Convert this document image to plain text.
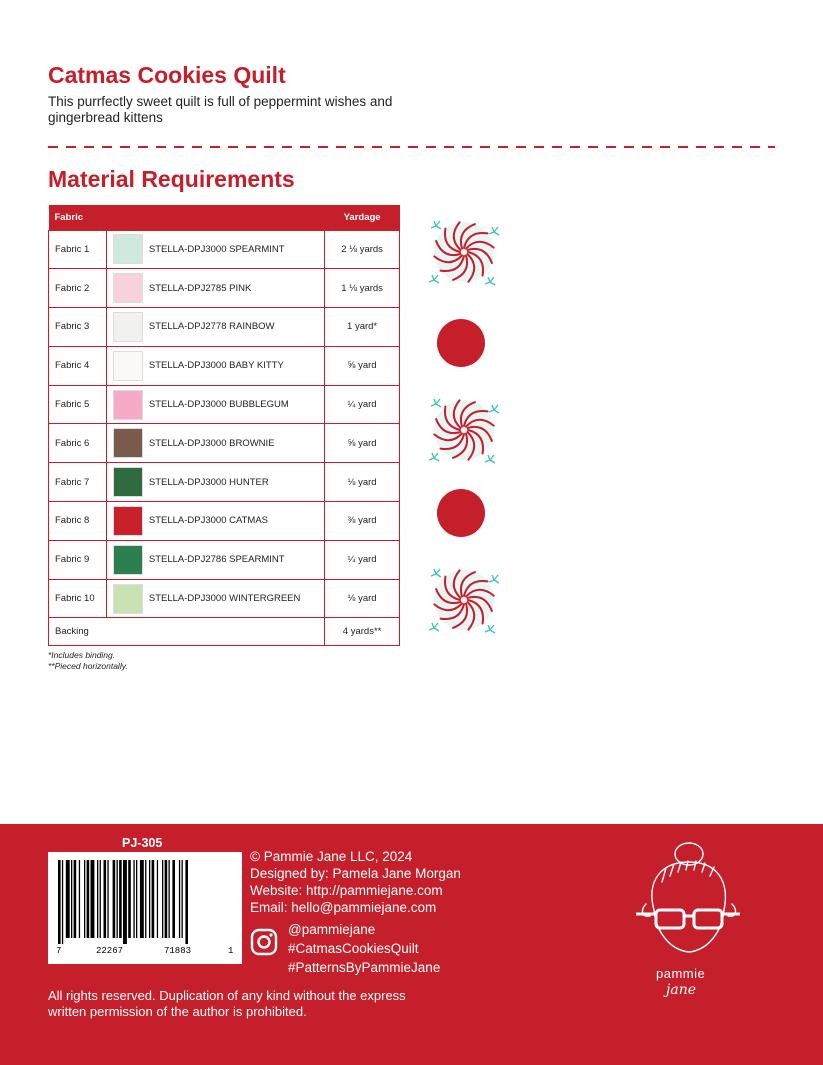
Catmas Cookies Quilt
This purrfectly sweet quilt is full of peppermint wishes and gingerbread kittens
Material Requirements
Fabric		Yardage
Fabric 1	STELLA-DPJ3000 SPEARMINT	2 ⅛ yards
Fabric 2	STELLA-DPJ2785 PINK	1 ⅛ yards
Fabric 3	STELLA-DPJ2778 RAINBOW	1 yard*
Fabric 4	STELLA-DPJ3000 BABY KITTY	⅝ yard
Fabric 5	STELLA-DPJ3000 BUBBLEGUM	¼ yard
Fabric 6	STELLA-DPJ3000 BROWNIE	⅝ yard
Fabric 7	STELLA-DPJ3000 HUNTER	⅛ yard
Fabric 8	STELLA-DPJ3000 CATMAS	⅜ yard
Fabric 9	STELLA-DPJ2786 SPEARMINT	¼ yard
Fabric 10	STELLA-DPJ3000 WINTERGREEN	⅛ yard
Backing		4 yards**
*Includes binding.
**Pieced horizontally.
PJ-305
7	22267	71883	1
© Pammie Jane LLC, 2024
Designed by: Pamela Jane Morgan
Website: http://pammiejane.com
Email: hello@pammiejane.com
@pammiejane
#CatmasCookiesQuilt
#PatternsByPammieJane
All rights reserved. Duplication of any kind without the express written permission of the author is prohibited.
pammie
jane
